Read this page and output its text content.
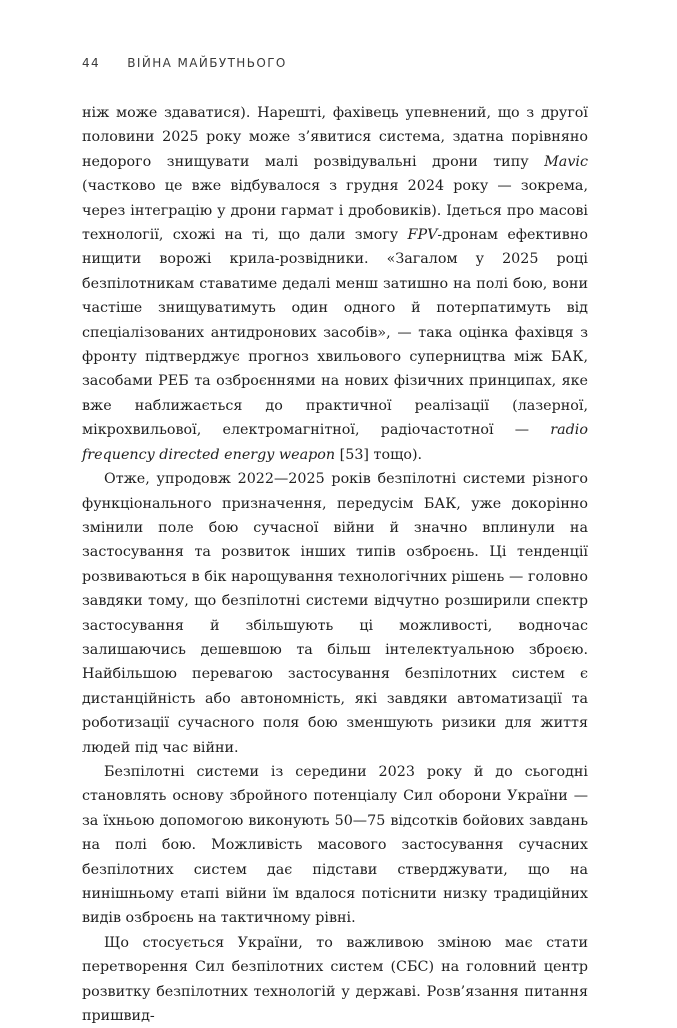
44 ВІЙНА МАЙБУТНЬОГО

ніж може здаватися). Нарешті, фахівець упевнений, що з другої половини 2025 року може з’явитися система, здатна порівняно недорого знищувати малі розвідувальні дрони типу Mavic (частково це вже відбувалося з грудня 2024 року — зокрема, через інтеграцію у дрони гармат і дробовиків). Ідеться про масові технології, схожі на ті, що дали змогу FPV-дронам ефективно нищити ворожі крила-розвідники. «Загалом у 2025 році безпілотникам ставатиме дедалі менш затишно на полі бою, вони частіше знищуватимуть один одного й потерпатимуть від спеціалізованих антидронових засобів», — така оцінка фахівця з фронту підтверджує прогноз хвильового суперництва між БАК, засобами РЕБ та озброєннями на нових фізичних принципах, яке вже наближається до практичної реалізації (лазерної, мікрохвильової, електромагнітної, радіочастотної — radio frequency directed energy weapon [53] тощо).

Отже, упродовж 2022—2025 років безпілотні системи різного функціонального призначення, передусім БАК, уже докорінно змінили поле бою сучасної війни й значно вплинули на застосування та розвиток інших типів озброєнь. Ці тенденції розвиваються в бік нарощування технологічних рішень — головно завдяки тому, що безпілотні системи відчутно розширили спектр застосування й збільшують ці можливості, водночас залишаючись дешевшою та більш інтелектуальною зброєю. Найбільшою перевагою застосування безпілотних систем є дистанційність або автономність, які завдяки автоматизації та роботизації сучасного поля бою зменшують ризики для життя людей під час війни.

Безпілотні системи із середини 2023 року й до сьогодні становлять основу збройного потенціалу Сил оборони України — за їхньою допомогою виконують 50—75 відсотків бойових завдань на полі бою. Можливість масового застосування сучасних безпілотних систем дає підстави стверджувати, що на нинішньому етапі війни їм вдалося потіснити низку традиційних видів озброєнь на тактичному рівні.

Що стосується України, то важливою зміною має стати перетворення Сил безпілотних систем (СБС) на головний центр розвитку безпілотних технологій у державі. Розв’язання питання пришвид-
